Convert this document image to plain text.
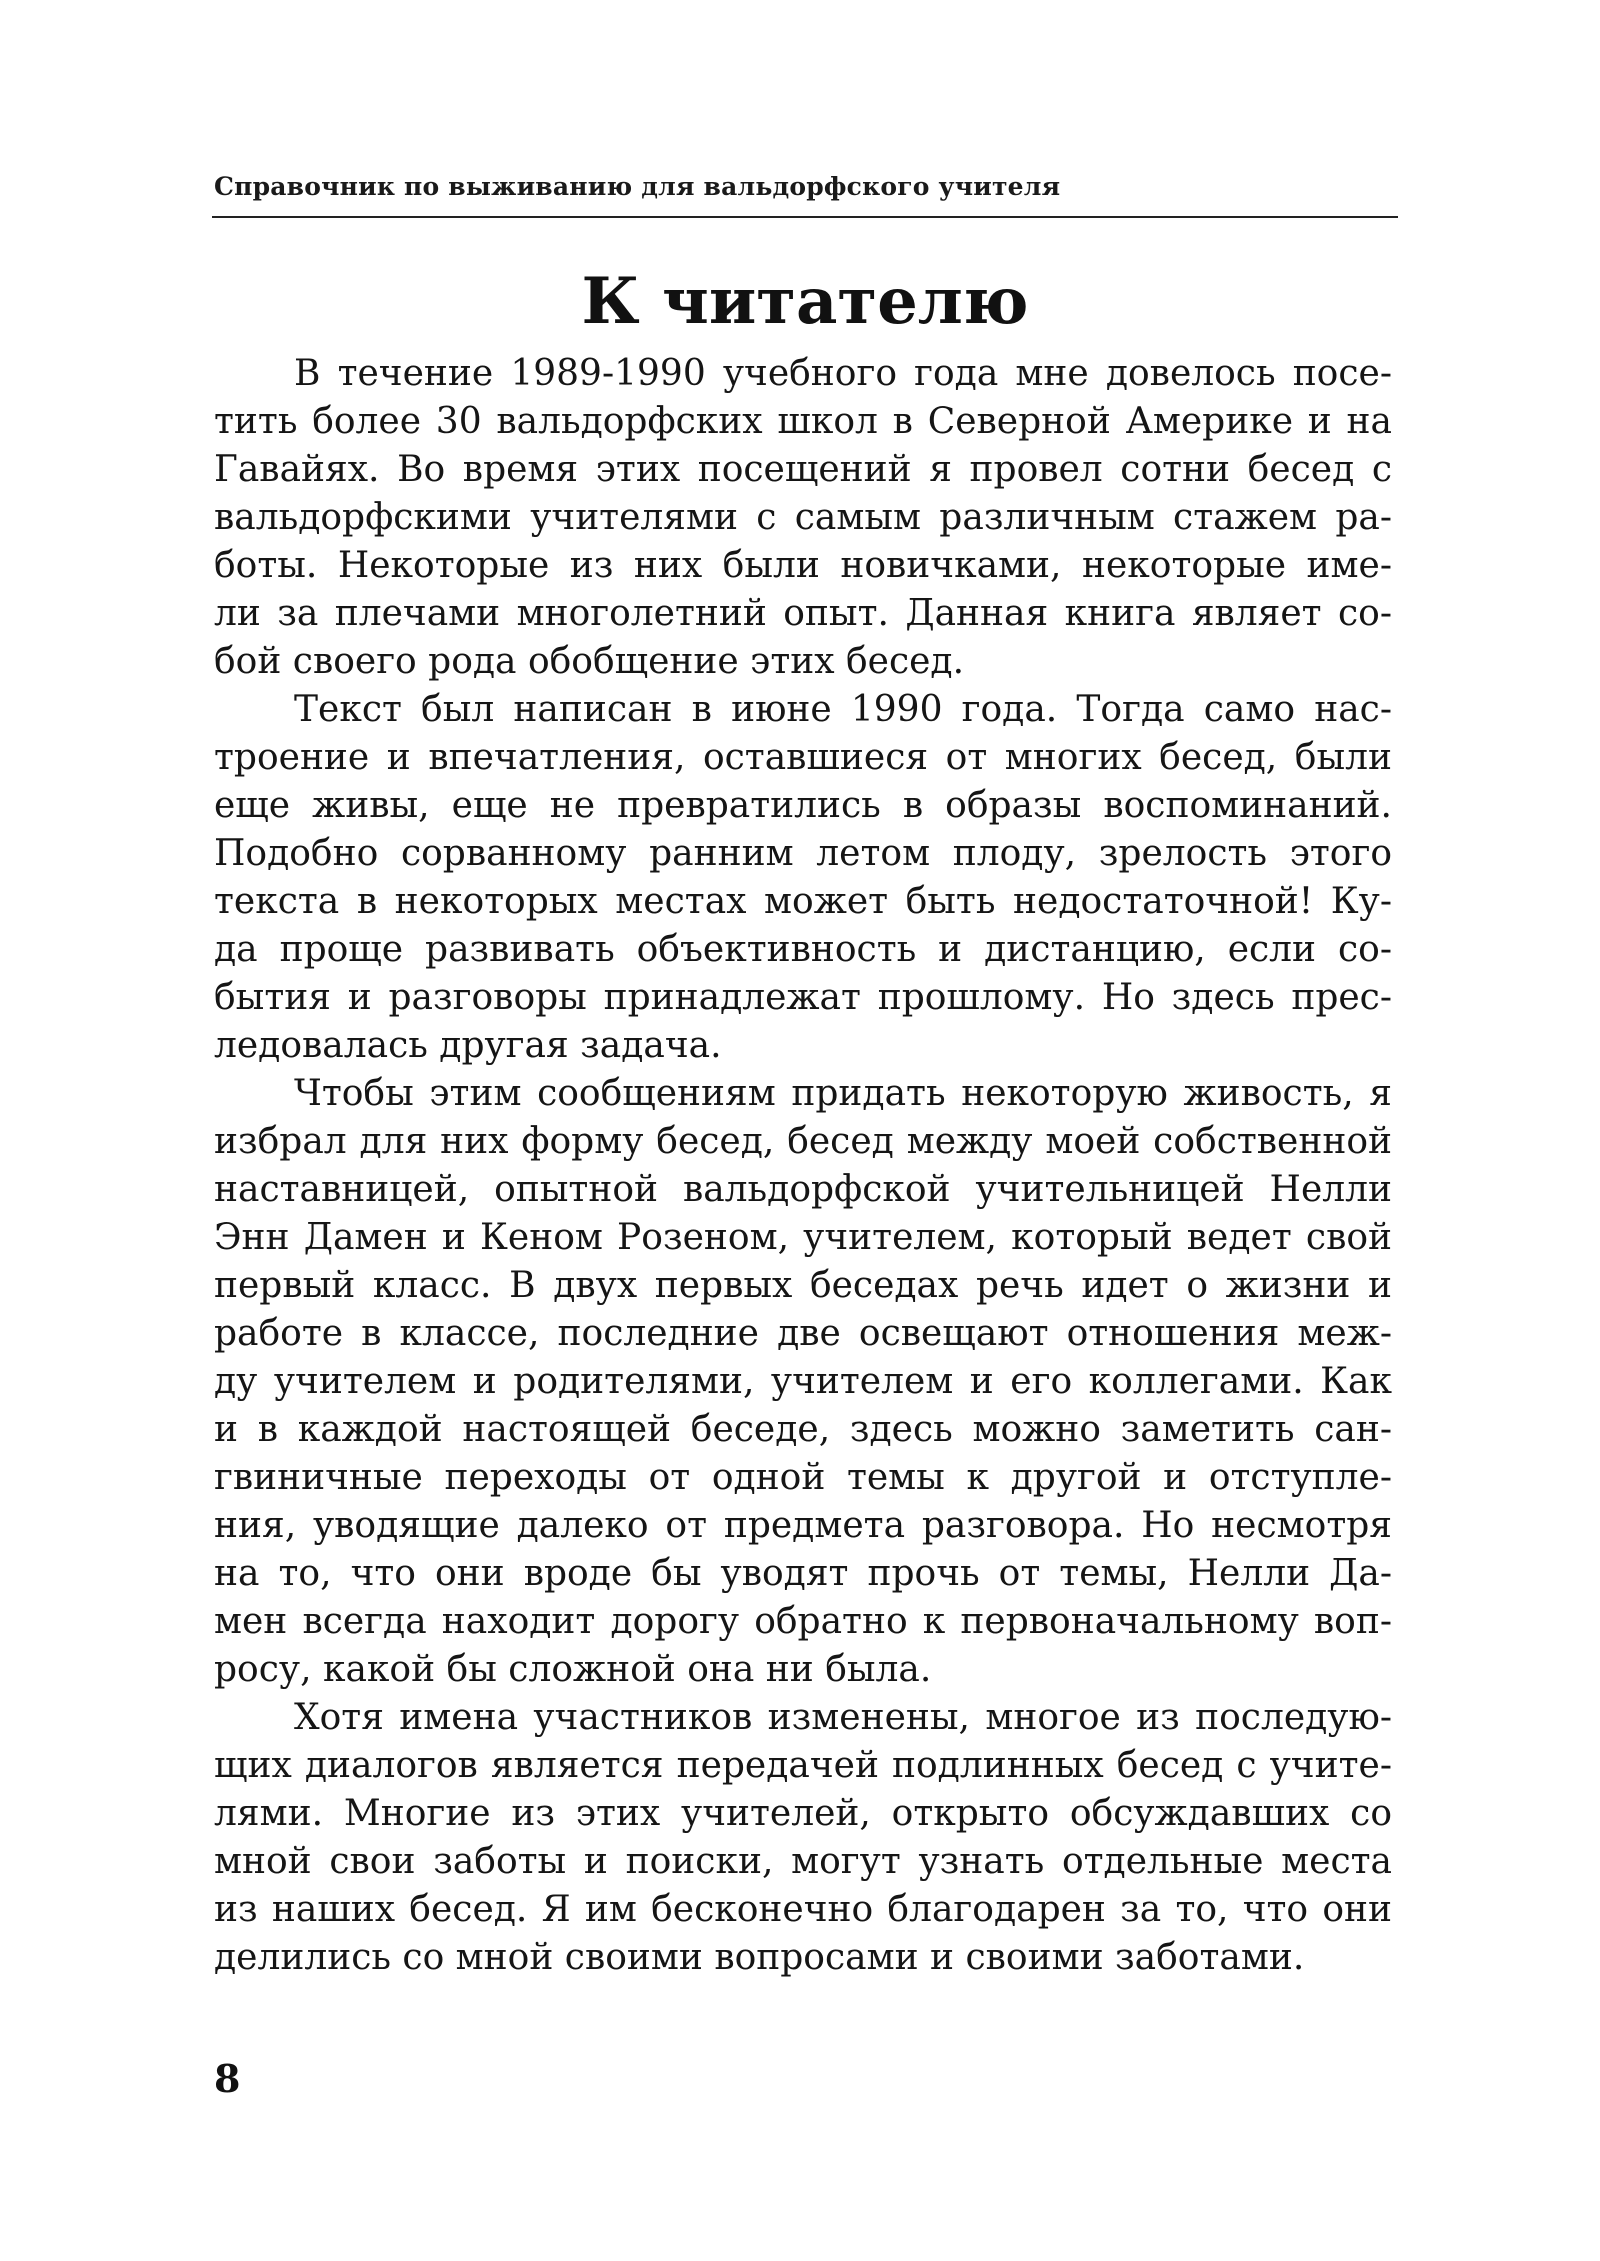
Справочник по выживанию для вальдорфского учителя
К читателю
В течение 1989-1990 учебного года мне довелось посе-
тить более 30 вальдорфских школ в Северной Америке и на
Гавайях. Во время этих посещений я провел сотни бесед с
вальдорфскими учителями с самым различным стажем ра-
боты. Некоторые из них были новичками, некоторые име-
ли за плечами многолетний опыт. Данная книга являет со-
бой своего рода обобщение этих бесед.
Текст был написан в июне 1990 года. Тогда само нас-
троение и впечатления, оставшиеся от многих бесед, были
еще живы, еще не превратились в образы воспоминаний.
Подобно сорванному ранним летом плоду, зрелость этого
текста в некоторых местах может быть недостаточной! Ку-
да проще развивать объективность и дистанцию, если со-
бытия и разговоры принадлежат прошлому. Но здесь прес-
ледовалась другая задача.
Чтобы этим сообщениям придать некоторую живость, я
избрал для них форму бесед, бесед между моей собственной
наставницей, опытной вальдорфской учительницей Нелли
Энн Дамен и Кеном Розеном, учителем, который ведет свой
первый класс. В двух первых беседах речь идет о жизни и
работе в классе, последние две освещают отношения меж-
ду учителем и родителями, учителем и его коллегами. Как
и в каждой настоящей беседе, здесь можно заметить сан-
гвиничные переходы от одной темы к другой и отступле-
ния, уводящие далеко от предмета разговора. Но несмотря
на то, что они вроде бы уводят прочь от темы, Нелли Да-
мен всегда находит дорогу обратно к первоначальному воп-
росу, какой бы сложной она ни была.
Хотя имена участников изменены, многое из последую-
щих диалогов является передачей подлинных бесед с учите-
лями. Многие из этих учителей, открыто обсуждавших со
мной свои заботы и поиски, могут узнать отдельные места
из наших бесед. Я им бесконечно благодарен за то, что они
делились со мной своими вопросами и своими заботами.
8
